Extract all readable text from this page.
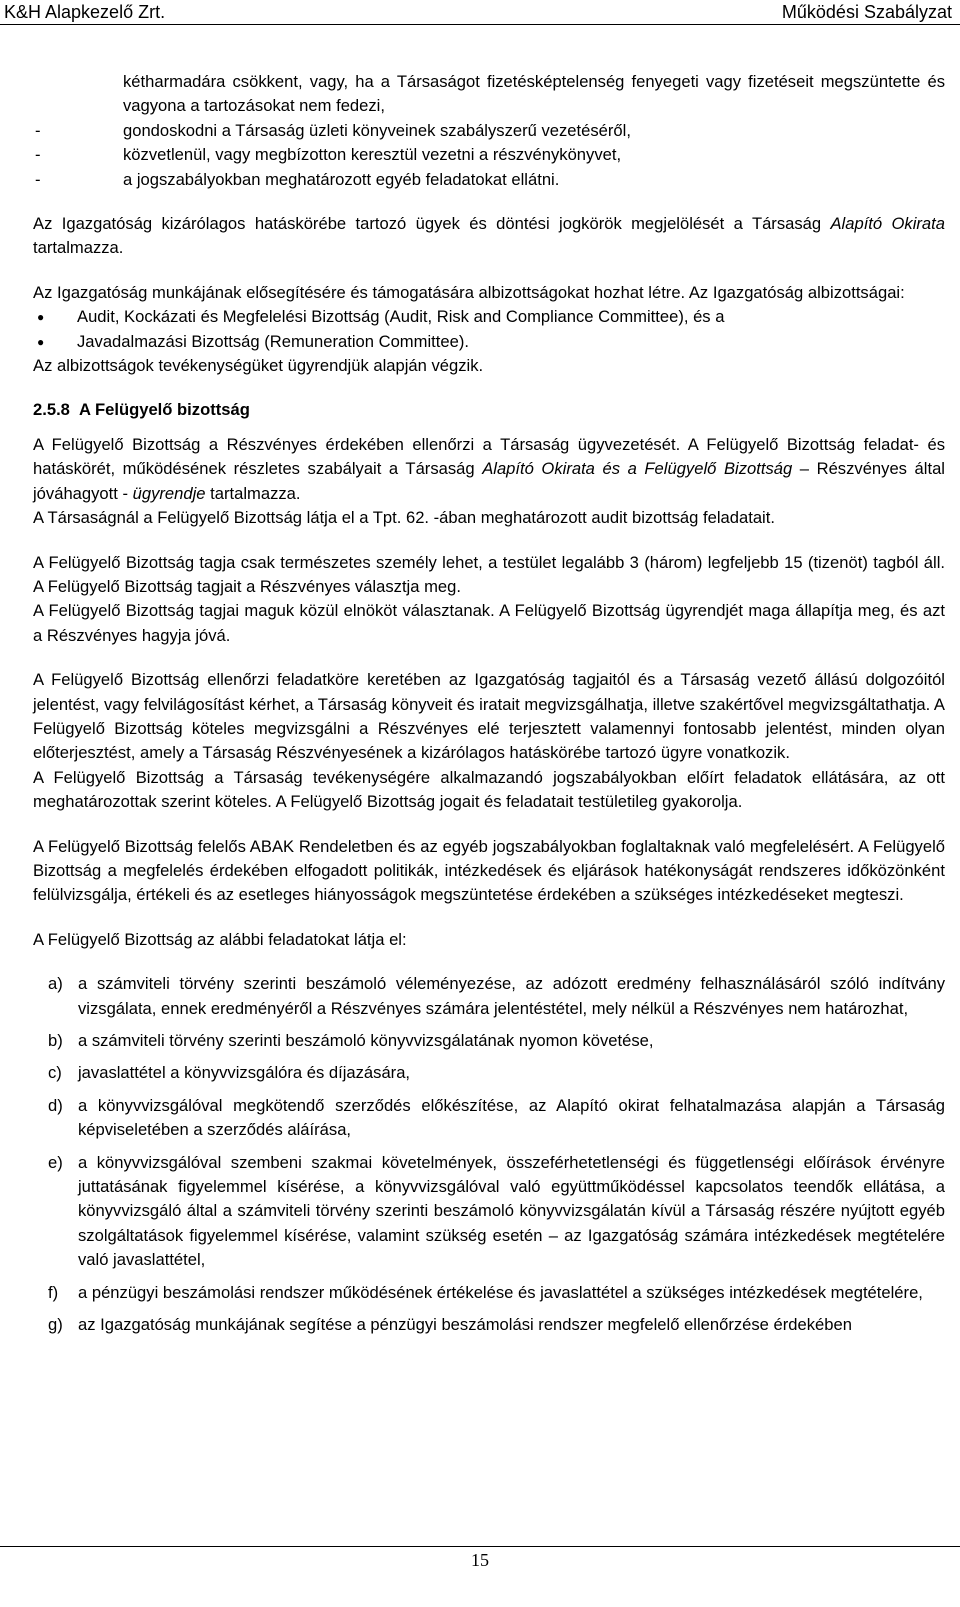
K&H Alapkezelő Zrt.	Működési Szabályzat

kétharmadára csökkent, vagy, ha a Társaságot fizetésképtelenség fenyegeti vagy fizetéseit megszüntette és vagyona a tartozásokat nem fedezi,

-	gondoskodni a Társaság üzleti könyveinek szabályszerű vezetéséről,
-	közvetlenül, vagy megbízotton keresztül vezetni a részvénykönyvet,
-	a jogszabályokban meghatározott egyéb feladatokat ellátni.

Az Igazgatóság kizárólagos hatáskörébe tartozó ügyek és döntési jogkörök megjelölését a Társaság Alapító Okirata tartalmazza.

Az Igazgatóság munkájának elősegítésére és támogatására albizottságokat hozhat létre. Az Igazgatóság albizottságai:

● Audit, Kockázati és Megfelelési Bizottság (Audit, Risk and Compliance Committee), és a
● Javadalmazási Bizottság (Remuneration Committee).

Az albizottságok tevékenységüket ügyrendjük alapján végzik.

2.5.8 A Felügyelő bizottság

A Felügyelő Bizottság a Részvényes érdekében ellenőrzi a Társaság ügyvezetését. A Felügyelő Bizottság feladat- és hatáskörét, működésének részletes szabályait a Társaság Alapító Okirata és a Felügyelő Bizottság – Részvényes által jóváhagyott - ügyrendje tartalmazza.

A Társaságnál a Felügyelő Bizottság látja el a Tpt. 62. -ában meghatározott audit bizottság feladatait.

A Felügyelő Bizottság tagja csak természetes személy lehet, a testület legalább 3 (három) legfeljebb 15 (tizenöt) tagból áll. A Felügyelő Bizottság tagjait a Részvényes választja meg.

A Felügyelő Bizottság tagjai maguk közül elnököt választanak. A Felügyelő Bizottság ügyrendjét maga állapítja meg, és azt a Részvényes hagyja jóvá.

A Felügyelő Bizottság ellenőrzi feladatköre keretében az Igazgatóság tagjaitól és a Társaság vezető állású dolgozóitól jelentést, vagy felvilágosítást kérhet, a Társaság könyveit és iratait megvizsgálhatja, illetve szakértővel megvizsgáltathatja. A Felügyelő Bizottság köteles megvizsgálni a Részvényes elé terjesztett valamennyi fontosabb jelentést, minden olyan előterjesztést, amely a Társaság Részvényesének a kizárólagos hatáskörébe tartozó ügyre vonatkozik.

A Felügyelő Bizottság a Társaság tevékenységére alkalmazandó jogszabályokban előírt feladatok ellátására, az ott meghatározottak szerint köteles. A Felügyelő Bizottság jogait és feladatait testületileg gyakorolja.

A Felügyelő Bizottság felelős ABAK Rendeletben és az egyéb jogszabályokban foglaltaknak való megfelelésért. A Felügyelő Bizottság a megfelelés érdekében elfogadott politikák, intézkedések és eljárások hatékonyságát rendszeres időközönként felülvizsgálja, értékeli és az esetleges hiányosságok megszüntetése érdekében a szükséges intézkedéseket megteszi.

A Felügyelő Bizottság az alábbi feladatokat látja el:

a) a számviteli törvény szerinti beszámoló véleményezése, az adózott eredmény felhasználásáról szóló indítvány vizsgálata, ennek eredményéről a Részvényes számára jelentéstétel, mely nélkül a Részvényes nem határozhat,
b) a számviteli törvény szerinti beszámoló könyvvizsgálatának nyomon követése,
c) javaslattétel a könyvvizsgálóra és díjazására,
d) a könyvvizsgálóval megkötendő szerződés előkészítése, az Alapító okirat felhatalmazása alapján a Társaság képviseletében a szerződés aláírása,
e) a könyvvizsgálóval szembeni szakmai követelmények, összeférhetetlenségi és függetlenségi előírások érvényre juttatásának figyelemmel kísérése, a könyvvizsgálóval való együttműködéssel kapcsolatos teendők ellátása, a könyvvizsgáló által a számviteli törvény szerinti beszámoló könyvvizsgálatán kívül a Társaság részére nyújtott egyéb szolgáltatások figyelemmel kísérése, valamint szükség esetén – az Igazgatóság számára intézkedések megtételére való javaslattétel,
f) a pénzügyi beszámolási rendszer működésének értékelése és javaslattétel a szükséges intézkedések megtételére,
g) az Igazgatóság munkájának segítése a pénzügyi beszámolási rendszer megfelelő ellenőrzése érdekében
15
